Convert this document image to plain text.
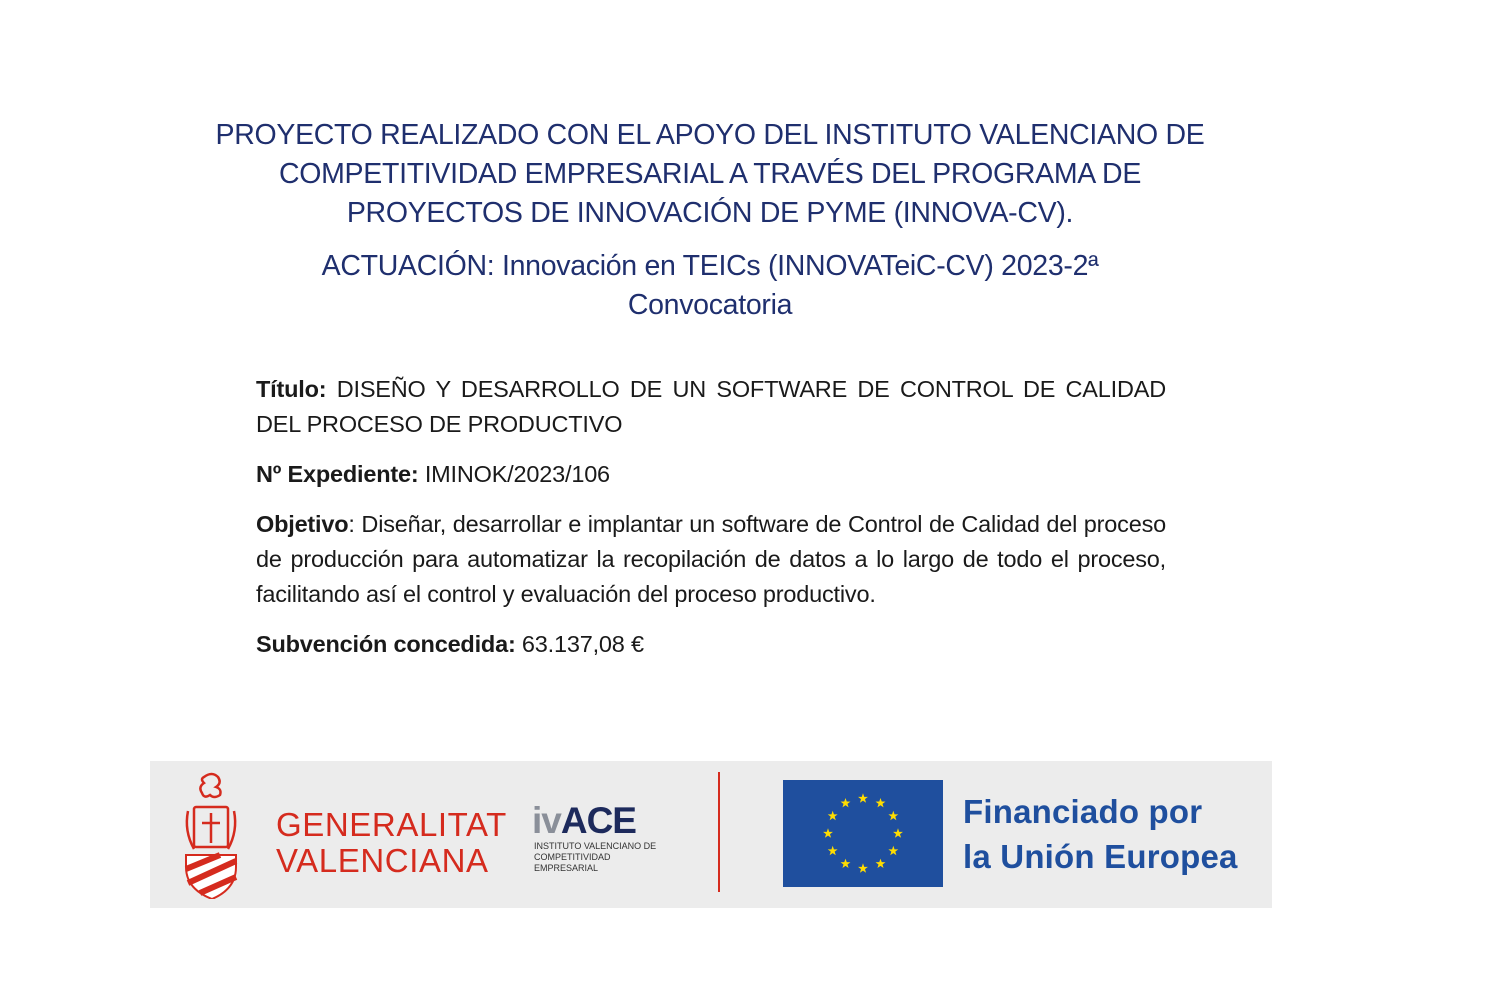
PROYECTO REALIZADO CON EL APOYO DEL INSTITUTO VALENCIANO DE

COMPETITIVIDAD EMPRESARIAL A TRAVÉS DEL PROGRAMA DE

PROYECTOS DE INNOVACIÓN DE PYME (INNOVA-CV).

ACTUACIÓN: Innovación en TEICs (INNOVATeiC-CV) 2023-2ª

Convocatoria

Título: DISEÑO Y DESARROLLO DE UN SOFTWARE DE CONTROL DE CALIDAD DEL PROCESO DE PRODUCTIVO

Nº Expediente: IMINOK/2023/106

Objetivo: Diseñar, desarrollar e implantar un software de Control de Calidad del proceso de producción para automatizar la recopilación de datos a lo largo de todo el proceso, facilitando así el control y evaluación del proceso productivo.

Subvención concedida: 63.137,08 €

GENERALITAT
VALENCIANA
ivACE
INSTITUTO VALENCIANO DE
COMPETITIVIDAD EMPRESARIAL
Financiado por
la Unión Europea
